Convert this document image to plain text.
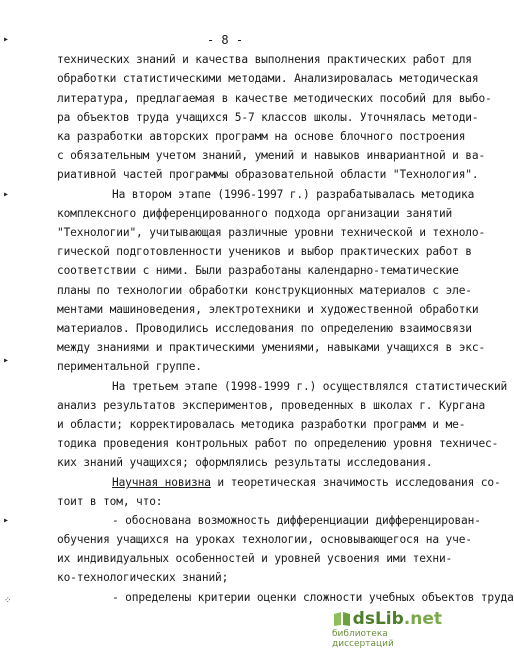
- 8 -
технических знаний и качества выполнения практических работ для
обработки статистическими методами. Анализировалась методическая
литература, предлагаемая в качестве методических пособий для выбо-
ра объектов труда учащихся 5-7 классов школы. Уточнялась методи-
ка разработки авторских программ на основе блочного построения
с обязательным учетом знаний, умений и навыков инвариантной и ва-
риативной частей программы образовательной области "Технология".
На втором этапе (1996-1997 г.) разрабатывалась методика
комплексного дифференцированного подхода организации занятий
"Технологии", учитывающая различные уровни технической и техноло-
гической подготовленности учеников и выбор практических работ в
соответствии с ними. Были разработаны календарно-тематические
планы по технологии обработки конструкционных материалов с эле-
ментами машиноведения, электротехники и художественной обработки
материалов. Проводились исследования по определению взаимосвязи
между знаниями и практическими умениями, навыками учащихся в экс-
периментальной группе.
На третьем этапе (1998-1999 г.) осуществлялся статистический
анализ результатов экспериментов, проведенных в школах г. Кургана
и области; корректировалась методика разработки программ и ме-
тодика проведения контрольных работ по определению уровня техничес-
ких знаний учащихся; оформлялись результаты исследования.
Научная новизна и теоретическая значимость исследования со-
тоит в том, что:
- обоснована возможность дифференциации дифференцирован-
обучения учащихся на уроках технологии, основывающегося на уче-
их индивидуальных особенностей и уровней усвоения ими техни-
ко-технологических знаний;
- определены критерии оценки сложности учебных объектов труда
▸
▸
▸
▸
⁘
dsLib.net
библиотека диссертаций
